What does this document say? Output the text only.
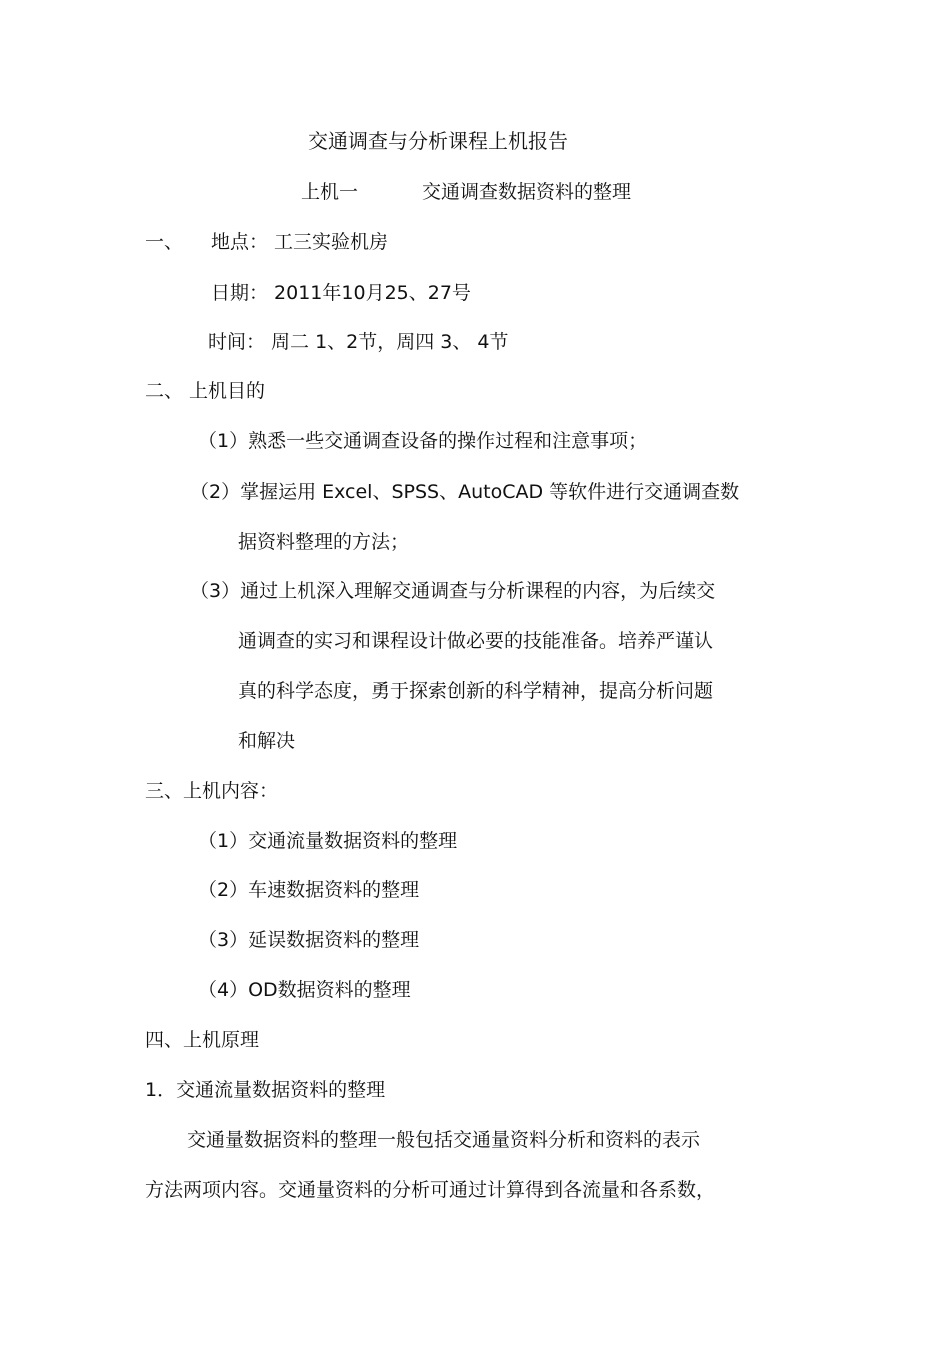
交通调查与分析课程上机报告
上机一	交通调查数据资料的整理
一、 地点： 工三实验机房
日期： 2011年10月25、27号
时间： 周二 1、2节，周四 3、 4节
二、 上机目的
（1）熟悉一些交通调查设备的操作过程和注意事项；
（2）掌握运用 Excel、SPSS、AutoCAD 等软件进行交通调查数
据资料整理的方法；
（3）通过上机深入理解交通调查与分析课程的内容，为后续交
通调查的实习和课程设计做必要的技能准备。培养严谨认
真的科学态度，勇于探索创新的科学精神，提高分析问题
和解决
三、上机内容：
（1）交通流量数据资料的整理
（2）车速数据资料的整理
（3）延误数据资料的整理
（4）OD数据资料的整理
四、上机原理
1．交通流量数据资料的整理
交通量数据资料的整理一般包括交通量资料分析和资料的表示
方法两项内容。交通量资料的分析可通过计算得到各流量和各系数，
